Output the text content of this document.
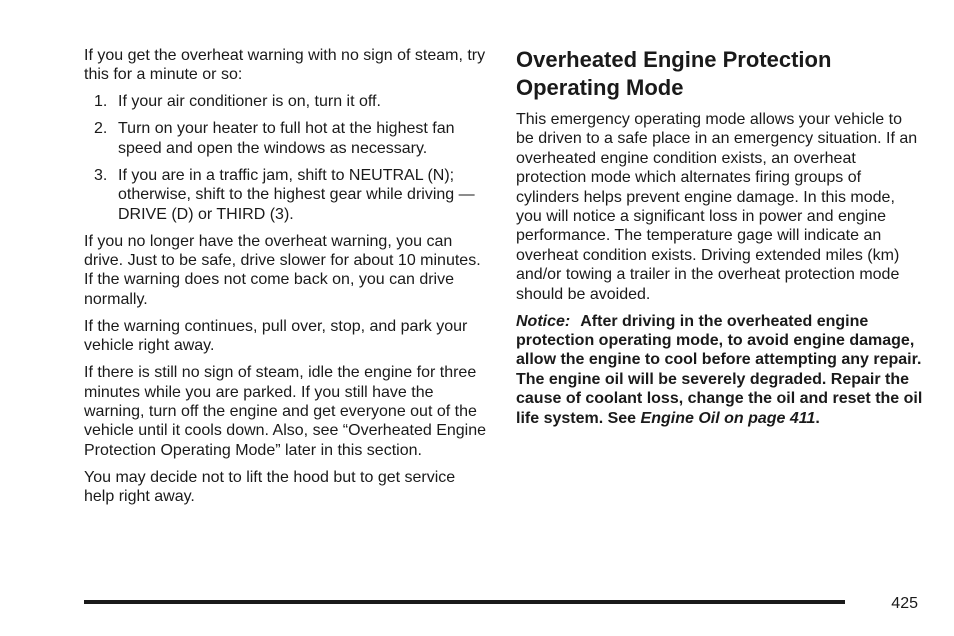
If you get the overheat warning with no sign of steam, try this for a minute or so:

1. If your air conditioner is on, turn it off.
2. Turn on your heater to full hot at the highest fan speed and open the windows as necessary.
3. If you are in a traffic jam, shift to NEUTRAL (N); otherwise, shift to the highest gear while driving — DRIVE (D) or THIRD (3).

If you no longer have the overheat warning, you can drive. Just to be safe, drive slower for about 10 minutes. If the warning does not come back on, you can drive normally.

If the warning continues, pull over, stop, and park your vehicle right away.

If there is still no sign of steam, idle the engine for three minutes while you are parked. If you still have the warning, turn off the engine and get everyone out of the vehicle until it cools down. Also, see “Overheated Engine Protection Operating Mode” later in this section.

You may decide not to lift the hood but to get service help right away.

Overheated Engine Protection Operating Mode

This emergency operating mode allows your vehicle to be driven to a safe place in an emergency situation. If an overheated engine condition exists, an overheat protection mode which alternates firing groups of cylinders helps prevent engine damage. In this mode, you will notice a significant loss in power and engine performance. The temperature gage will indicate an overheat condition exists. Driving extended miles (km) and/or towing a trailer in the overheat protection mode should be avoided.

Notice: After driving in the overheated engine protection operating mode, to avoid engine damage, allow the engine to cool before attempting any repair. The engine oil will be severely degraded. Repair the cause of coolant loss, change the oil and reset the oil life system. See Engine Oil on page 411.

425
